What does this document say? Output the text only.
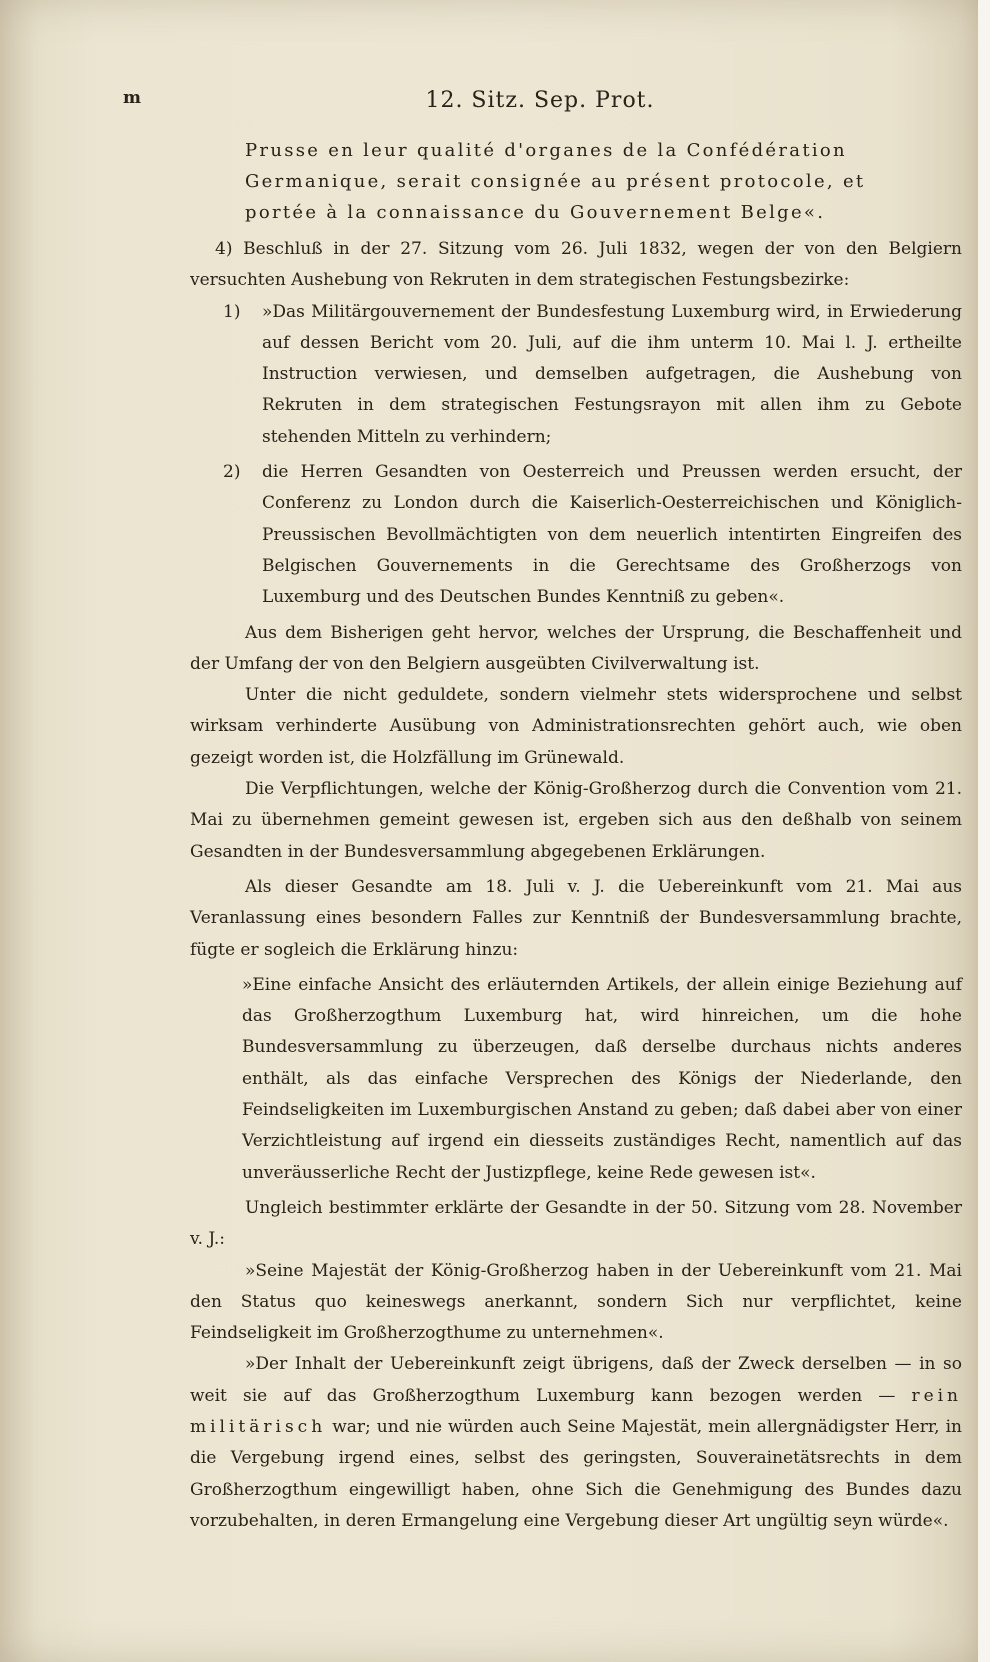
m	12. Sitz. Sep. Prot.

Prusse en leur qualité d'organes de la Confédération

Germanique, serait consignée au présent protocole, et

portée à la connaissance du Gouvernement Belge«.

4) Beschluß in der 27. Sitzung vom 26. Juli 1832, wegen der von den Belgiern versuchten Aushebung von Rekruten in dem strategischen Festungsbezirke:

1) »Das Militärgouvernement der Bundesfestung Luxemburg wird, in Erwiederung auf dessen Bericht vom 20. Juli, auf die ihm unterm 10. Mai l. J. ertheilte Instruction verwiesen, und demselben aufgetragen, die Aushebung von Rekruten in dem strategischen Festungsrayon mit allen ihm zu Gebote stehenden Mitteln zu verhindern;

2) die Herren Gesandten von Oesterreich und Preussen werden ersucht, der Conferenz zu London durch die Kaiserlich-Oesterreichischen und Königlich-Preussischen Bevollmächtigten von dem neuerlich intentirten Eingreifen des Belgischen Gouvernements in die Gerechtsame des Großherzogs von Luxemburg und des Deutschen Bundes Kenntniß zu geben«.

Aus dem Bisherigen geht hervor, welches der Ursprung, die Beschaffenheit und der Umfang der von den Belgiern ausgeübten Civilverwaltung ist.

Unter die nicht geduldete, sondern vielmehr stets widersprochene und selbst wirksam verhinderte Ausübung von Administrationsrechten gehört auch, wie oben gezeigt worden ist, die Holzfällung im Grünewald.

Die Verpflichtungen, welche der König-Großherzog durch die Convention vom 21. Mai zu übernehmen gemeint gewesen ist, ergeben sich aus den deßhalb von seinem Gesandten in der Bundesversammlung abgegebenen Erklärungen.

Als dieser Gesandte am 18. Juli v. J. die Uebereinkunft vom 21. Mai aus Veranlassung eines besondern Falles zur Kenntniß der Bundesversammlung brachte, fügte er sogleich die Erklärung hinzu:

»Eine einfache Ansicht des erläuternden Artikels, der allein einige Beziehung auf das Großherzogthum Luxemburg hat, wird hinreichen, um die hohe Bundesversammlung zu überzeugen, daß derselbe durchaus nichts anderes enthält, als das einfache Versprechen des Königs der Niederlande, den Feindseligkeiten im Luxemburgischen Anstand zu geben; daß dabei aber von einer Verzichtleistung auf irgend ein diesseits zuständiges Recht, namentlich auf das unveräusserliche Recht der Justizpflege, keine Rede gewesen ist«.

Ungleich bestimmter erklärte der Gesandte in der 50. Sitzung vom 28. November v. J.:

»Seine Majestät der König-Großherzog haben in der Uebereinkunft vom 21. Mai den Status quo keineswegs anerkannt, sondern Sich nur verpflichtet, keine Feindseligkeit im Großherzogthume zu unternehmen«.

»Der Inhalt der Uebereinkunft zeigt übrigens, daß der Zweck derselben — in so weit sie auf das Großherzogthum Luxemburg kann bezogen werden — rein militärisch war; und nie würden auch Seine Majestät, mein allergnädigster Herr, in die Vergebung irgend eines, selbst des geringsten, Souverainetätsrechts in dem Großherzogthum eingewilligt haben, ohne Sich die Genehmigung des Bundes dazu vorzubehalten, in deren Ermangelung eine Vergebung dieser Art ungültig seyn würde«.
